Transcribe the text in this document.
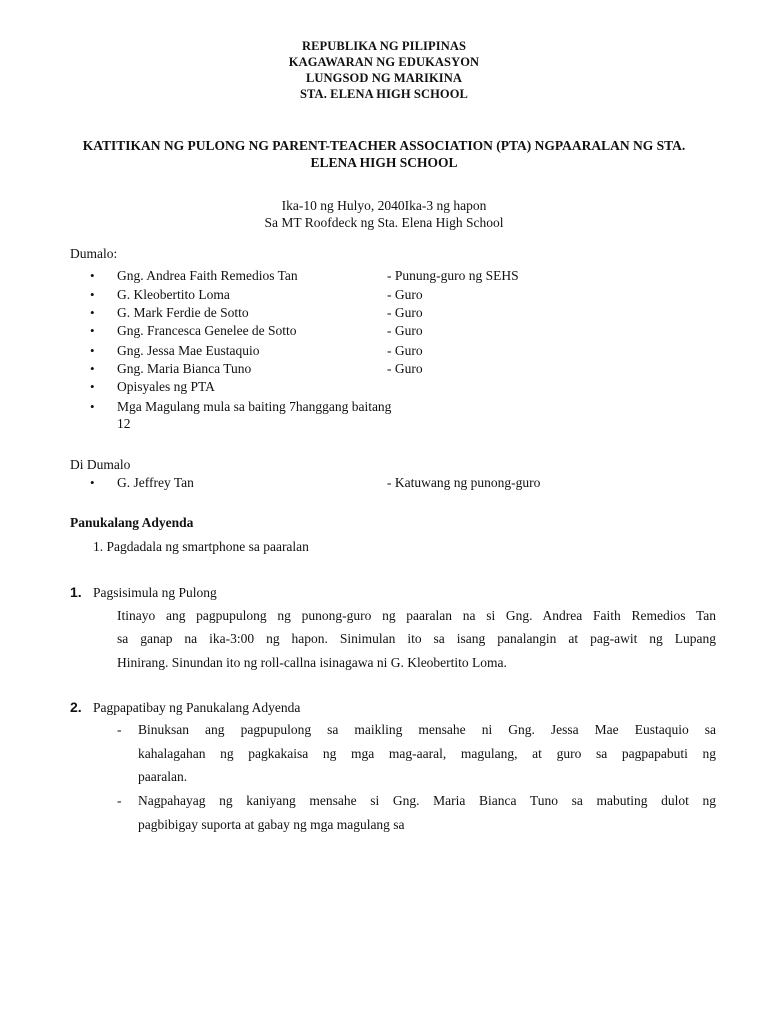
REPUBLIKA NG PILIPINAS
KAGAWARAN NG EDUKASYON
LUNGSOD NG MARIKINA
STA. ELENA HIGH SCHOOL
KATITIKAN NG PULONG NG PARENT-TEACHER ASSOCIATION (PTA) NGPAARALAN NG STA.
ELENA HIGH SCHOOL
Ika-10 ng Hulyo, 2040Ika-3 ng hapon
Sa MT Roofdeck ng Sta. Elena High School
Dumalo:
• Gng. Andrea Faith Remedios Tan	- Punung-guro ng SEHS
• G. Kleobertito Loma	- Guro
• G. Mark Ferdie de Sotto	- Guro
• Gng. Francesca Genelee de Sotto	- Guro
• Gng. Jessa Mae Eustaquio	- Guro
• Gng. Maria Bianca Tuno	- Guro
• Opisyales ng PTA
• Mga Magulang mula sa baiting 7hanggang baitang
12
Di Dumalo
• G. Jeffrey Tan	- Katuwang ng punong-guro
Panukalang Adyenda
1. Pagdadala ng smartphone sa paaralan
1. Pagsisimula ng Pulong
Itinayo ang pagpupulong ng punong-guro ng paaralan na si Gng. Andrea Faith Remedios Tan
sa ganap na ika-3:00 ng hapon. Sinimulan ito sa isang panalangin at pag-awit ng Lupang
Hinirang. Sinundan ito ng roll-callna isinagawa ni G. Kleobertito Loma.
2. Pagpapatibay ng Panukalang Adyenda
- Binuksan ang pagpupulong sa maikling mensahe ni Gng. Jessa Mae Eustaquio sa
kahalagahan ng pagkakaisa ng mga mag-aaral, magulang, at guro sa pagpapabuti ng
paaralan.
- Nagpahayag ng kaniyang mensahe si Gng. Maria Bianca Tuno sa mabuting dulot ng
pagbibigay suporta at gabay ng mga magulang sa
